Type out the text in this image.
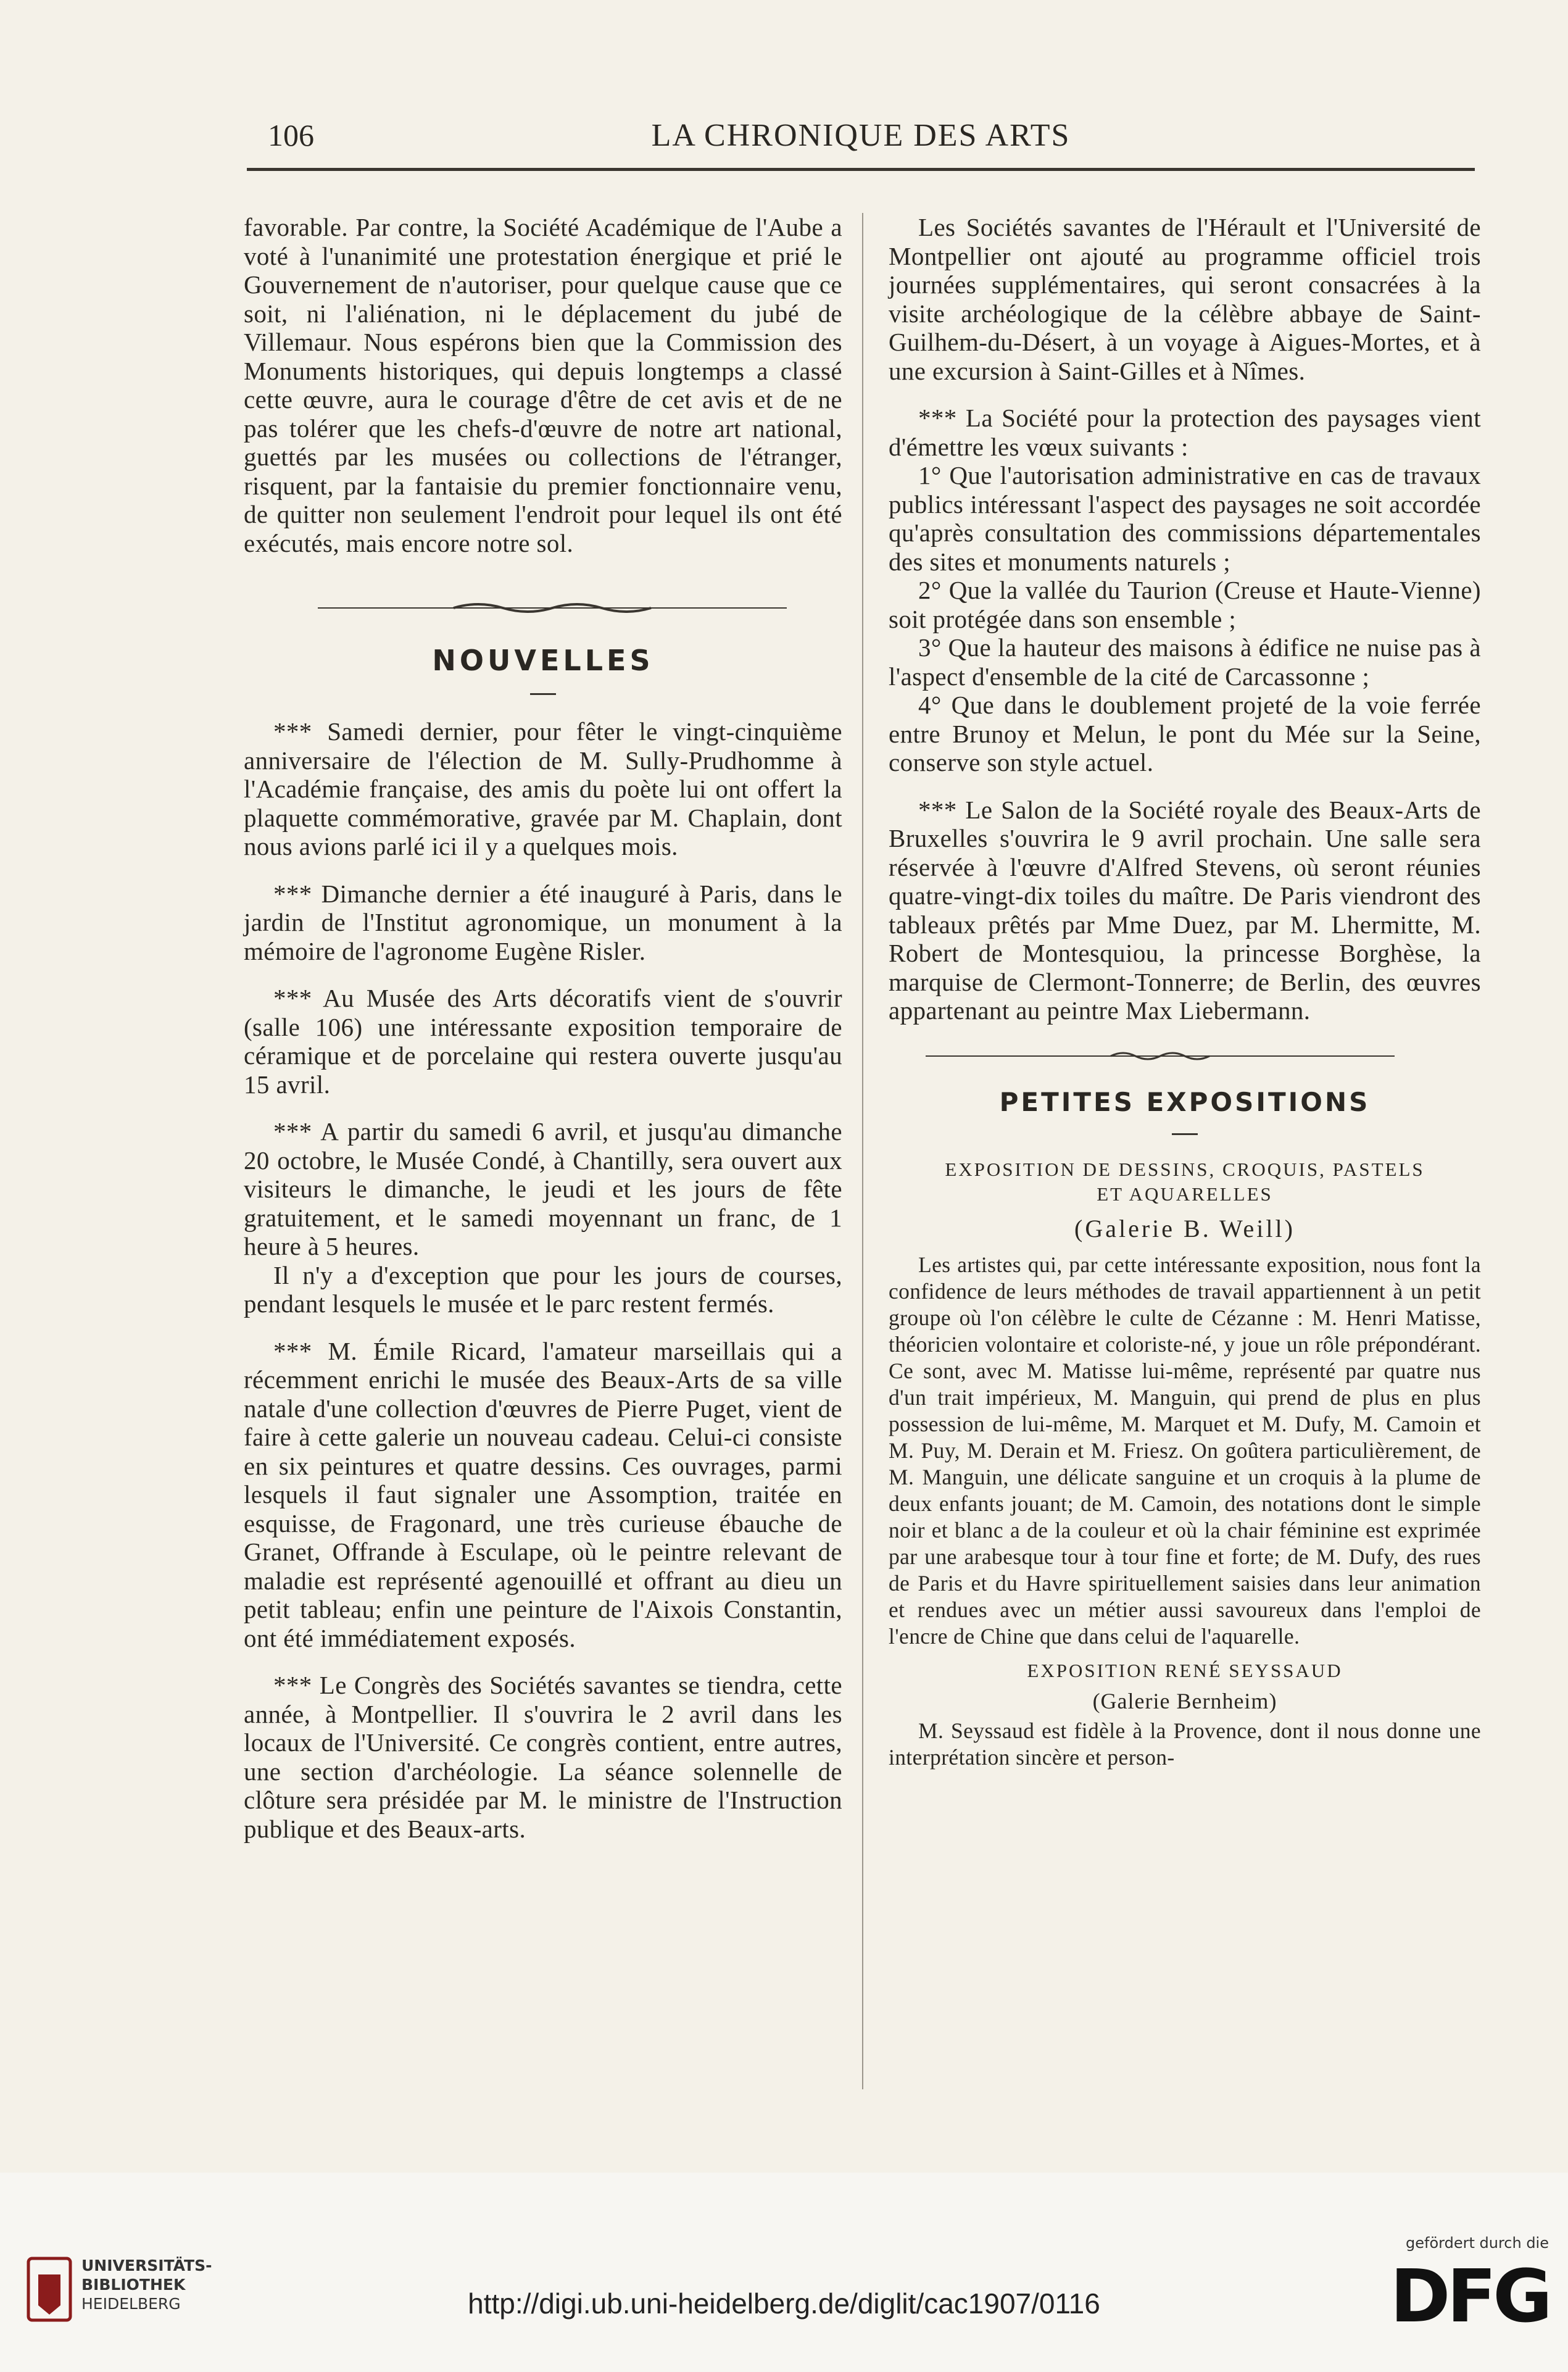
106	LA CHRONIQUE DES ARTS

favorable. Par contre, la Société Académique de l'Aube a voté à l'unanimité une protestation énergique et prié le Gouvernement de n'autoriser, pour quelque cause que ce soit, ni l'aliénation, ni le déplacement du jubé de Villemaur. Nous espérons bien que la Commission des Monuments historiques, qui depuis longtemps a classé cette œuvre, aura le courage d'être de cet avis et de ne pas tolérer que les chefs-d'œuvre de notre art national, guettés par les musées ou collections de l'étranger, risquent, par la fantaisie du premier fonctionnaire venu, de quitter non seulement l'endroit pour lequel ils ont été exécutés, mais encore notre sol.

NOUVELLES

*** Samedi dernier, pour fêter le vingt-cinquième anniversaire de l'élection de M. Sully-Prudhomme à l'Académie française, des amis du poète lui ont offert la plaquette commémorative, gravée par M. Chaplain, dont nous avions parlé ici il y a quelques mois.

*** Dimanche dernier a été inauguré à Paris, dans le jardin de l'Institut agronomique, un monument à la mémoire de l'agronome Eugène Risler.

*** Au Musée des Arts décoratifs vient de s'ouvrir (salle 106) une intéressante exposition temporaire de céramique et de porcelaine qui restera ouverte jusqu'au 15 avril.

*** A partir du samedi 6 avril, et jusqu'au dimanche 20 octobre, le Musée Condé, à Chantilly, sera ouvert aux visiteurs le dimanche, le jeudi et les jours de fête gratuitement, et le samedi moyennant un franc, de 1 heure à 5 heures.

Il n'y a d'exception que pour les jours de courses, pendant lesquels le musée et le parc restent fermés.

*** M. Émile Ricard, l'amateur marseillais qui a récemment enrichi le musée des Beaux-Arts de sa ville natale d'une collection d'œuvres de Pierre Puget, vient de faire à cette galerie un nouveau cadeau. Celui-ci consiste en six peintures et quatre dessins. Ces ouvrages, parmi lesquels il faut signaler une Assomption, traitée en esquisse, de Fragonard, une très curieuse ébauche de Granet, Offrande à Esculape, où le peintre relevant de maladie est représenté agenouillé et offrant au dieu un petit tableau; enfin une peinture de l'Aixois Constantin, ont été immédiatement exposés.

*** Le Congrès des Sociétés savantes se tiendra, cette année, à Montpellier. Il s'ouvrira le 2 avril dans les locaux de l'Université. Ce congrès contient, entre autres, une section d'archéologie. La séance solennelle de clôture sera présidée par M. le ministre de l'Instruction publique et des Beaux-arts.

Les Sociétés savantes de l'Hérault et l'Université de Montpellier ont ajouté au programme officiel trois journées supplémentaires, qui seront consacrées à la visite archéologique de la célèbre abbaye de Saint-Guilhem-du-Désert, à un voyage à Aigues-Mortes, et à une excursion à Saint-Gilles et à Nîmes.

*** La Société pour la protection des paysages vient d'émettre les vœux suivants :

1° Que l'autorisation administrative en cas de travaux publics intéressant l'aspect des paysages ne soit accordée qu'après consultation des commissions départementales des sites et monuments naturels ;

2° Que la vallée du Taurion (Creuse et Haute-Vienne) soit protégée dans son ensemble ;

3° Que la hauteur des maisons à édifice ne nuise pas à l'aspect d'ensemble de la cité de Carcassonne ;

4° Que dans le doublement projeté de la voie ferrée entre Brunoy et Melun, le pont du Mée sur la Seine, conserve son style actuel.

*** Le Salon de la Société royale des Beaux-Arts de Bruxelles s'ouvrira le 9 avril prochain. Une salle sera réservée à l'œuvre d'Alfred Stevens, où seront réunies quatre-vingt-dix toiles du maître. De Paris viendront des tableaux prêtés par Mme Duez, par M. Lhermitte, M. Robert de Montesquiou, la princesse Borghèse, la marquise de Clermont-Tonnerre; de Berlin, des œuvres appartenant au peintre Max Liebermann.

PETITES EXPOSITIONS

EXPOSITION DE DESSINS, CROQUIS, PASTELS

ET AQUARELLES

(Galerie B. Weill)

Les artistes qui, par cette intéressante exposition, nous font la confidence de leurs méthodes de travail appartiennent à un petit groupe où l'on célèbre le culte de Cézanne : M. Henri Matisse, théoricien volontaire et coloriste-né, y joue un rôle prépondérant. Ce sont, avec M. Matisse lui-même, représenté par quatre nus d'un trait impérieux, M. Manguin, qui prend de plus en plus possession de lui-même, M. Marquet et M. Dufy, M. Camoin et M. Puy, M. Derain et M. Friesz. On goûtera particulièrement, de M. Manguin, une délicate sanguine et un croquis à la plume de deux enfants jouant; de M. Camoin, des notations dont le simple noir et blanc a de la couleur et où la chair féminine est exprimée par une arabesque tour à tour fine et forte; de M. Dufy, des rues de Paris et du Havre spirituellement saisies dans leur animation et rendues avec un métier aussi savoureux dans l'emploi de l'encre de Chine que dans celui de l'aquarelle.

EXPOSITION RENÉ SEYSSAUD

(Galerie Bernheim)

M. Seyssaud est fidèle à la Provence, dont il nous donne une interprétation sincère et person-

UNIVERSITÄTS-
BIBLIOTHEK
HEIDELBERG	http://digi.ub.uni-heidelberg.de/diglit/cac1907/0116
gefördert durch die
DFG
